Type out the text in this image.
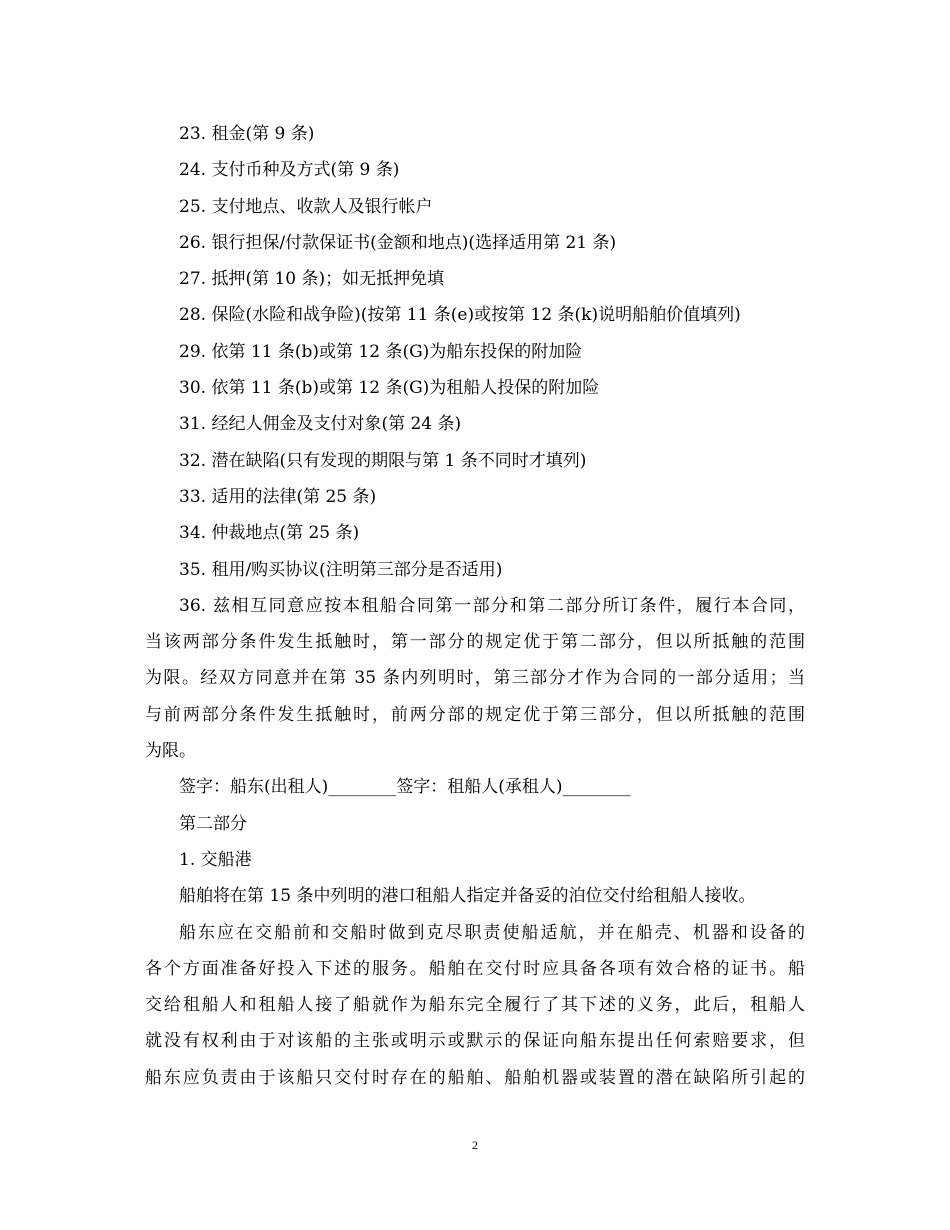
23. 租金(第 9 条)

24. 支付币种及方式(第 9 条)

25. 支付地点、收款人及银行帐户

26. 银行担保/付款保证书(金额和地点)(选择适用第 21 条)

27. 抵押(第 10 条)；如无抵押免填

28. 保险(水险和战争险)(按第 11 条(e)或按第 12 条(k)说明船舶价值填列)

29. 依第 11 条(b)或第 12 条(G)为船东投保的附加险

30. 依第 11 条(b)或第 12 条(G)为租船人投保的附加险

31. 经纪人佣金及支付对象(第 24 条)

32. 潜在缺陷(只有发现的期限与第 1 条不同时才填列)

33. 适用的法律(第 25 条)

34. 仲裁地点(第 25 条)

35. 租用/购买协议(注明第三部分是否适用)

36. 兹相互同意应按本租船合同第一部分和第二部分所订条件，履行本合同，

当该两部分条件发生抵触时，第一部分的规定优于第二部分，但以所抵触的范围

为限。经双方同意并在第 35 条内列明时，第三部分才作为合同的一部分适用；当

与前两部分条件发生抵触时，前两分部的规定优于第三部分，但以所抵触的范围

为限。

签字：船东(出租人)________签字：租船人(承租人)________

第二部分

1. 交船港

船舶将在第 15 条中列明的港口租船人指定并备妥的泊位交付给租船人接收。

船东应在交船前和交船时做到克尽职责使船适航，并在船壳、机器和设备的

各个方面准备好投入下述的服务。船舶在交付时应具备各项有效合格的证书。船

交给租船人和租船人接了船就作为船东完全履行了其下述的义务，此后，租船人

就没有权利由于对该船的主张或明示或默示的保证向船东提出任何索赔要求，但

船东应负责由于该船只交付时存在的船舶、船舶机器或装置的潜在缺陷所引起的

2
